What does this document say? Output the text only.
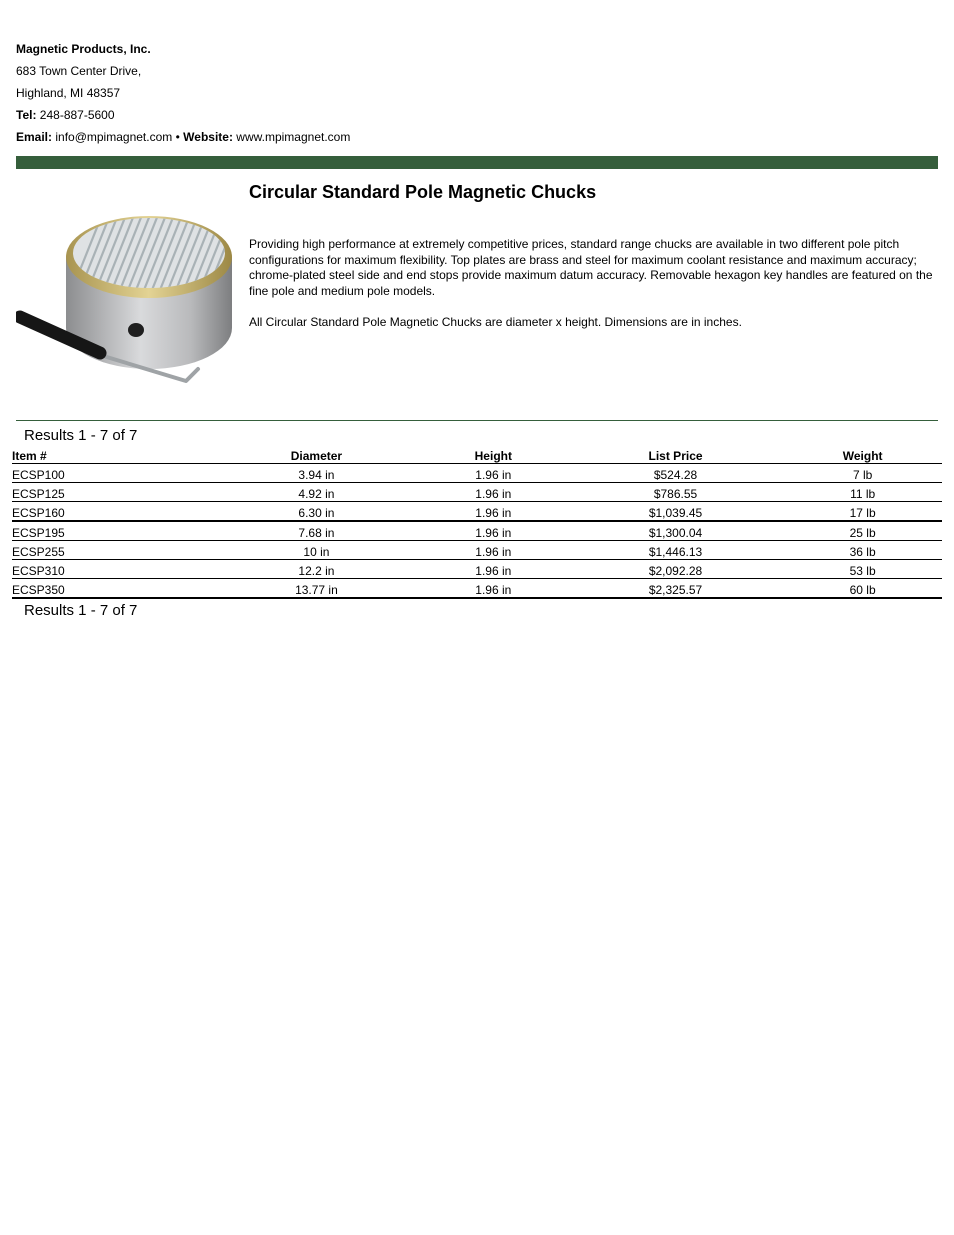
Magnetic Products, Inc.
683 Town Center Drive,
Highland, MI 48357
Tel: 248-887-5600
Email: info@mpimagnet.com • Website: www.mpimagnet.com
Circular Standard Pole Magnetic Chucks

Providing high performance at extremely competitive prices, standard range chucks are available in two different pole pitch configurations for maximum flexibility. Top plates are brass and steel for maximum coolant resistance and maximum accuracy; chrome-plated steel side and end stops provide maximum datum accuracy. Removable hexagon key handles are featured on the fine pole and medium pole models.

All Circular Standard Pole Magnetic Chucks are diameter x height. Dimensions are in inches.

Results 1 - 7 of 7
Item #	Diameter	Height	List Price	Weight
ECSP100	3.94 in	1.96 in	$524.28	7 lb
ECSP125	4.92 in	1.96 in	$786.55	11 lb
ECSP160	6.30 in	1.96 in	$1,039.45	17 lb
ECSP195	7.68 in	1.96 in	$1,300.04	25 lb
ECSP255	10 in	1.96 in	$1,446.13	36 lb
ECSP310	12.2 in	1.96 in	$2,092.28	53 lb
ECSP350	13.77 in	1.96 in	$2,325.57	60 lb
Results 1 - 7 of 7
